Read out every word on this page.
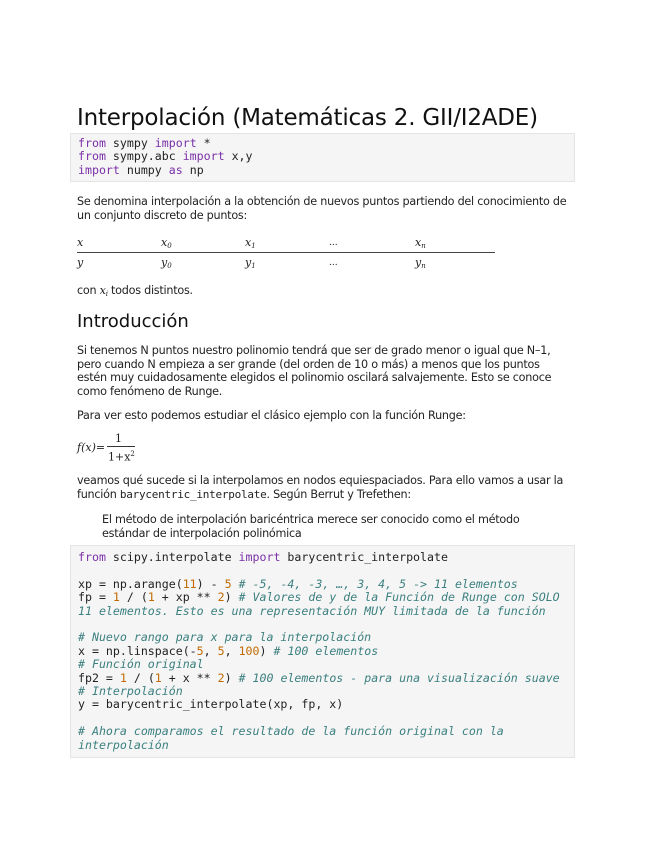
Interpolación (Matemáticas 2. GII/I2ADE)
from sympy import *
from sympy.abc import x,y
import numpy as np

Se denomina interpolación a la obtención de nuevos puntos partiendo del conocimiento de un conjunto discreto de puntos:

x	$x_0$	$x_1$	...	$x_n$
y	$y_0$	$y_1$	...	$y_n$

con $x_i$ todos distintos.

Introducción

Si tenemos N puntos nuestro polinomio tendrá que ser de grado menor o igual que N–1, pero cuando N empieza a ser grande (del orden de 10 o más) a menos que los puntos estén muy cuidadosamente elegidos el polinomio oscilará salvajemente. Esto se conoce como fenómeno de Runge.

Para ver esto podemos estudiar el clásico ejemplo con la función Runge:

f(x)=
1
$1+x^2$

veamos qué sucede si la interpolamos en nodos equiespaciados. Para ello vamos a usar la función barycentric_interpolate. Según Berrut y Trefethen:

El método de interpolación baricéntrica merece ser conocido como el método estándar de interpolación polinómica
from scipy.interpolate import barycentric_interpolate

xp = np.arange(11) - 5 # -5, -4, -3, …, 3, 4, 5 -> 11 elementos
fp = 1 / (1 + xp ** 2) # Valores de y de la Función de Runge con SOLO
11 elementos. Esto es una representación MUY limitada de la función

# Nuevo rango para x para la interpolación
x = np.linspace(-5, 5, 100) # 100 elementos
# Función original
fp2 = 1 / (1 + x ** 2) # 100 elementos - para una visualización suave
# Interpolación
y = barycentric_interpolate(xp, fp, x)

# Ahora comparamos el resultado de la función original con la
interpolación
